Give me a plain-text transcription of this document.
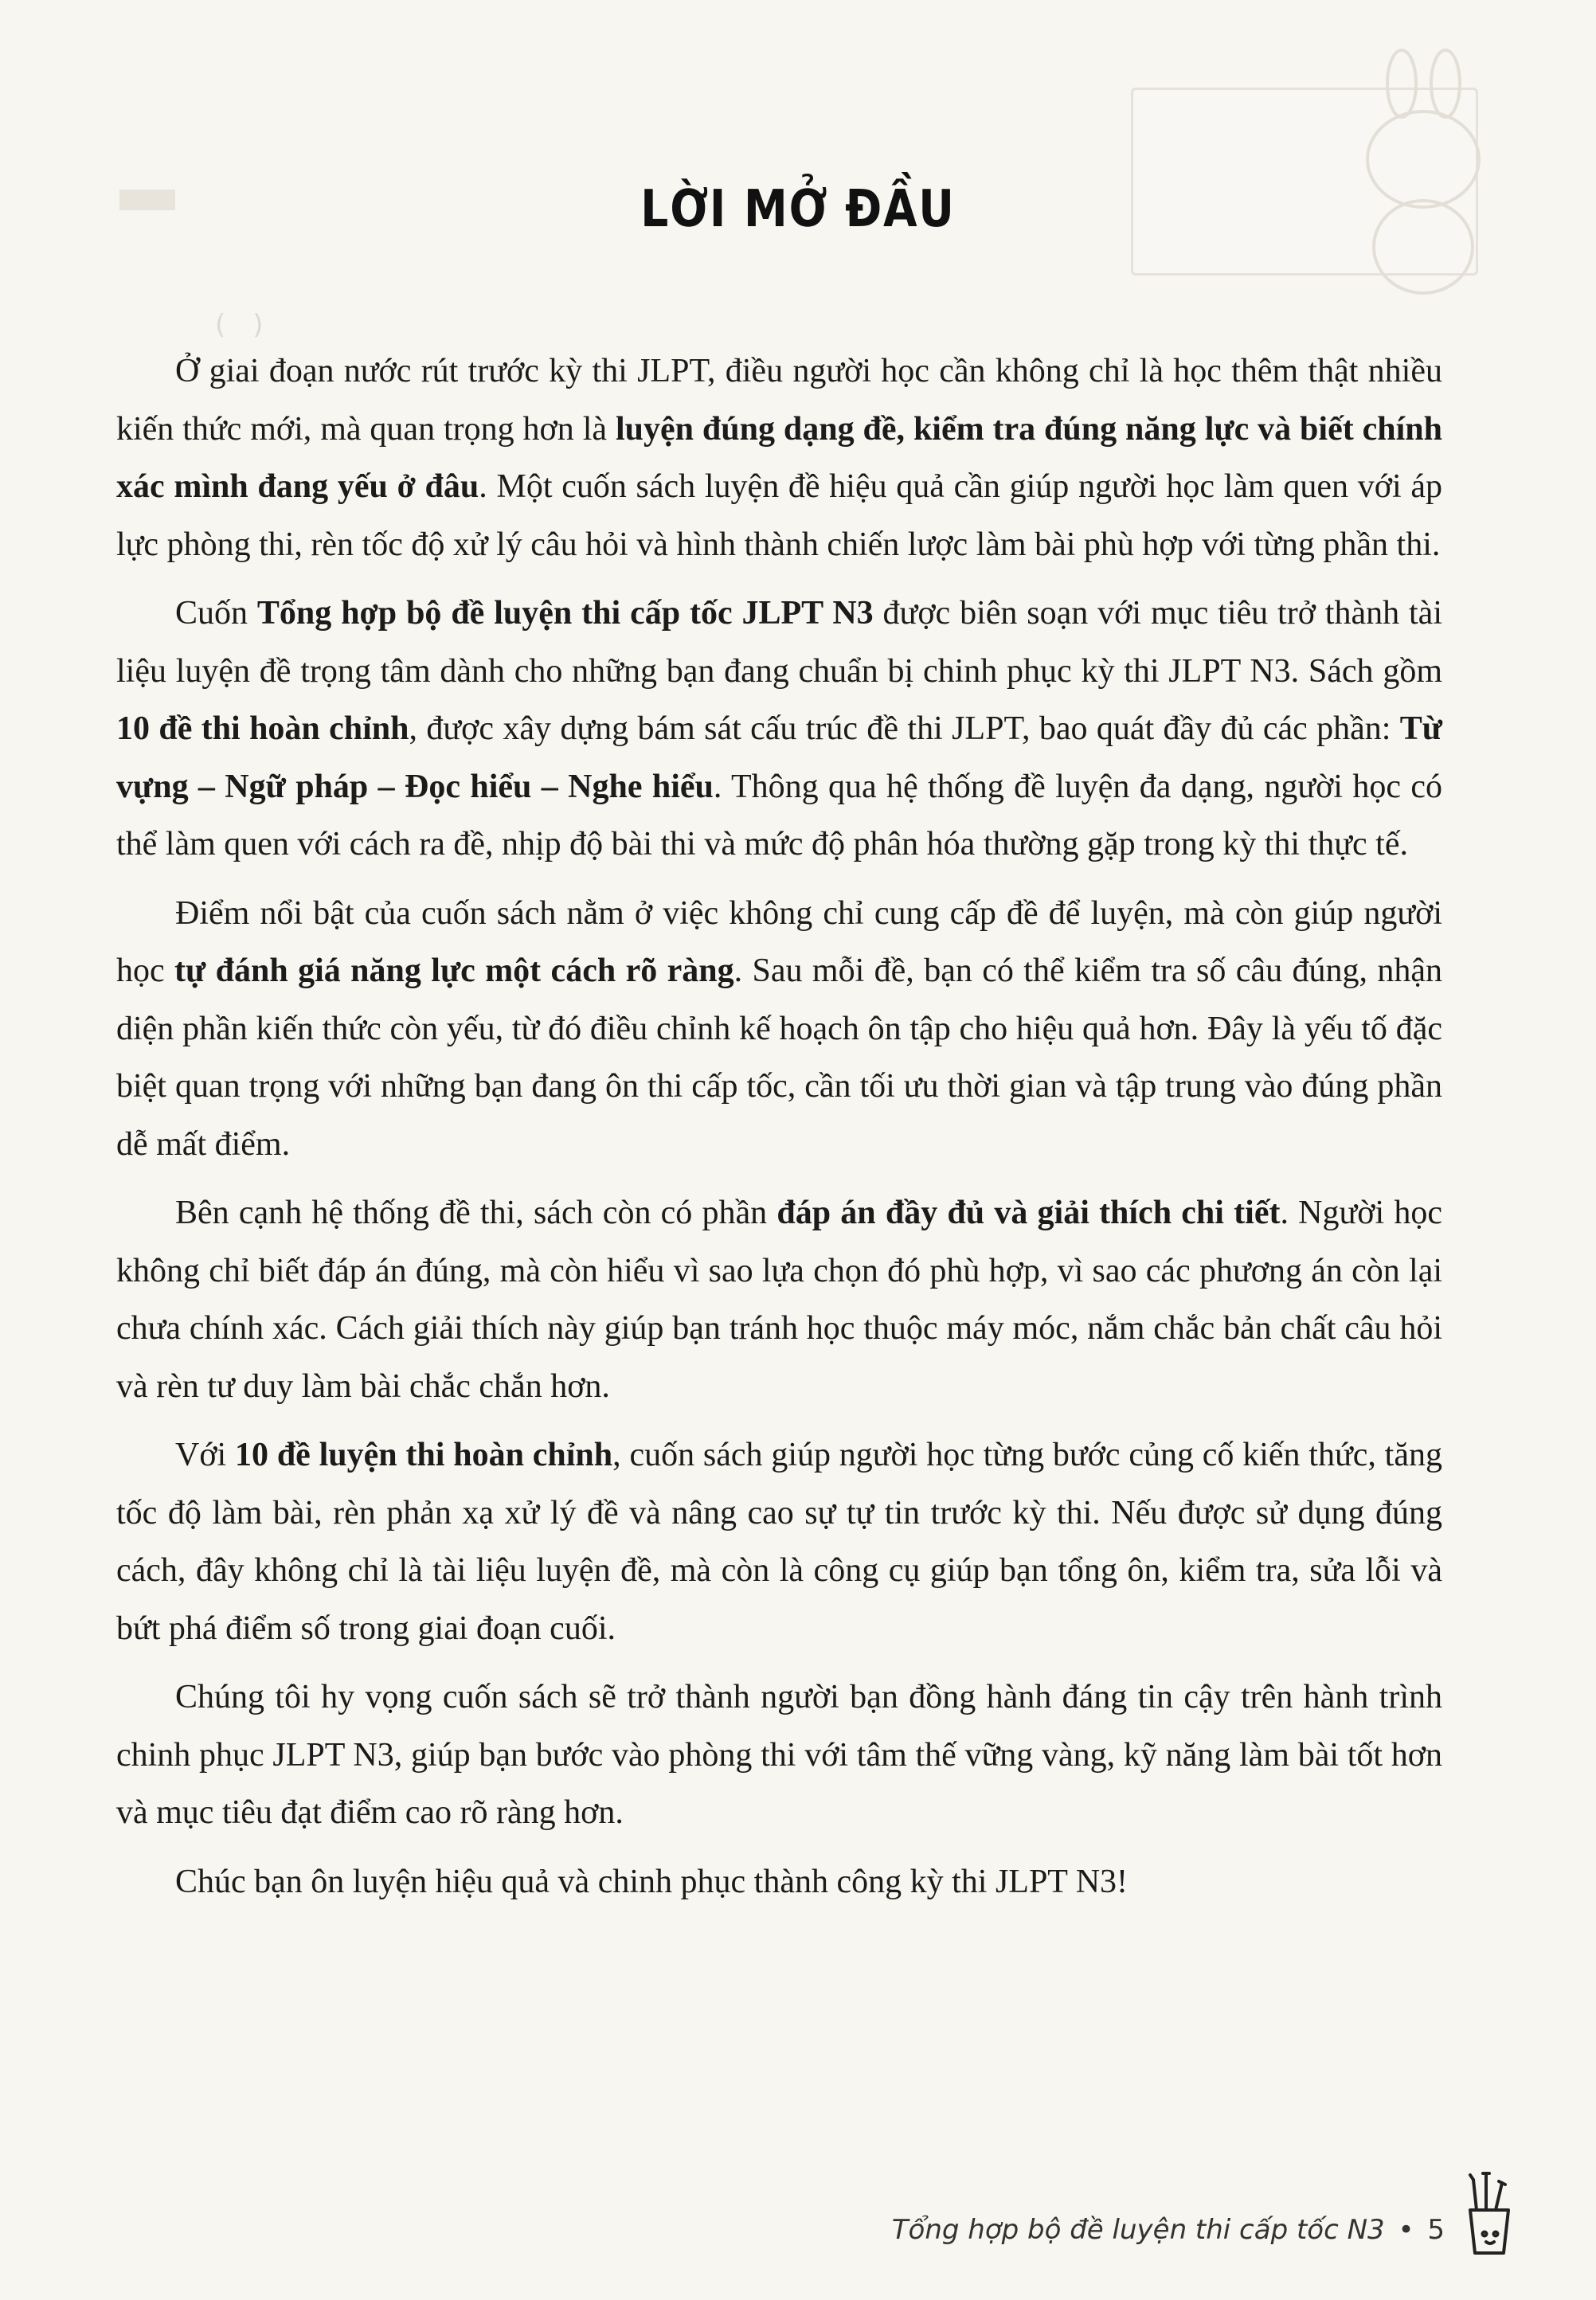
(　)　　　　　　　　　
LỜI MỞ ĐẦU

Ở giai đoạn nước rút trước kỳ thi JLPT, điều người học cần không chỉ là học thêm thật nhiều kiến thức mới, mà quan trọng hơn là luyện đúng dạng đề, kiểm tra đúng năng lực và biết chính xác mình đang yếu ở đâu. Một cuốn sách luyện đề hiệu quả cần giúp người học làm quen với áp lực phòng thi, rèn tốc độ xử lý câu hỏi và hình thành chiến lược làm bài phù hợp với từng phần thi.

Cuốn Tổng hợp bộ đề luyện thi cấp tốc JLPT N3 được biên soạn với mục tiêu trở thành tài liệu luyện đề trọng tâm dành cho những bạn đang chuẩn bị chinh phục kỳ thi JLPT N3. Sách gồm 10 đề thi hoàn chỉnh, được xây dựng bám sát cấu trúc đề thi JLPT, bao quát đầy đủ các phần: Từ vựng – Ngữ pháp – Đọc hiểu – Nghe hiểu. Thông qua hệ thống đề luyện đa dạng, người học có thể làm quen với cách ra đề, nhịp độ bài thi và mức độ phân hóa thường gặp trong kỳ thi thực tế.

Điểm nổi bật của cuốn sách nằm ở việc không chỉ cung cấp đề để luyện, mà còn giúp người học tự đánh giá năng lực một cách rõ ràng. Sau mỗi đề, bạn có thể kiểm tra số câu đúng, nhận diện phần kiến thức còn yếu, từ đó điều chỉnh kế hoạch ôn tập cho hiệu quả hơn. Đây là yếu tố đặc biệt quan trọng với những bạn đang ôn thi cấp tốc, cần tối ưu thời gian và tập trung vào đúng phần dễ mất điểm.

Bên cạnh hệ thống đề thi, sách còn có phần đáp án đầy đủ và giải thích chi tiết. Người học không chỉ biết đáp án đúng, mà còn hiểu vì sao lựa chọn đó phù hợp, vì sao các phương án còn lại chưa chính xác. Cách giải thích này giúp bạn tránh học thuộc máy móc, nắm chắc bản chất câu hỏi và rèn tư duy làm bài chắc chắn hơn.

Với 10 đề luyện thi hoàn chỉnh, cuốn sách giúp người học từng bước củng cố kiến thức, tăng tốc độ làm bài, rèn phản xạ xử lý đề và nâng cao sự tự tin trước kỳ thi. Nếu được sử dụng đúng cách, đây không chỉ là tài liệu luyện đề, mà còn là công cụ giúp bạn tổng ôn, kiểm tra, sửa lỗi và bứt phá điểm số trong giai đoạn cuối.

Chúng tôi hy vọng cuốn sách sẽ trở thành người bạn đồng hành đáng tin cậy trên hành trình chinh phục JLPT N3, giúp bạn bước vào phòng thi với tâm thế vững vàng, kỹ năng làm bài tốt hơn và mục tiêu đạt điểm cao rõ ràng hơn.

Chúc bạn ôn luyện hiệu quả và chinh phục thành công kỳ thi JLPT N3!

Tổng hợp bộ đề luyện thi cấp tốc N3 • 5
